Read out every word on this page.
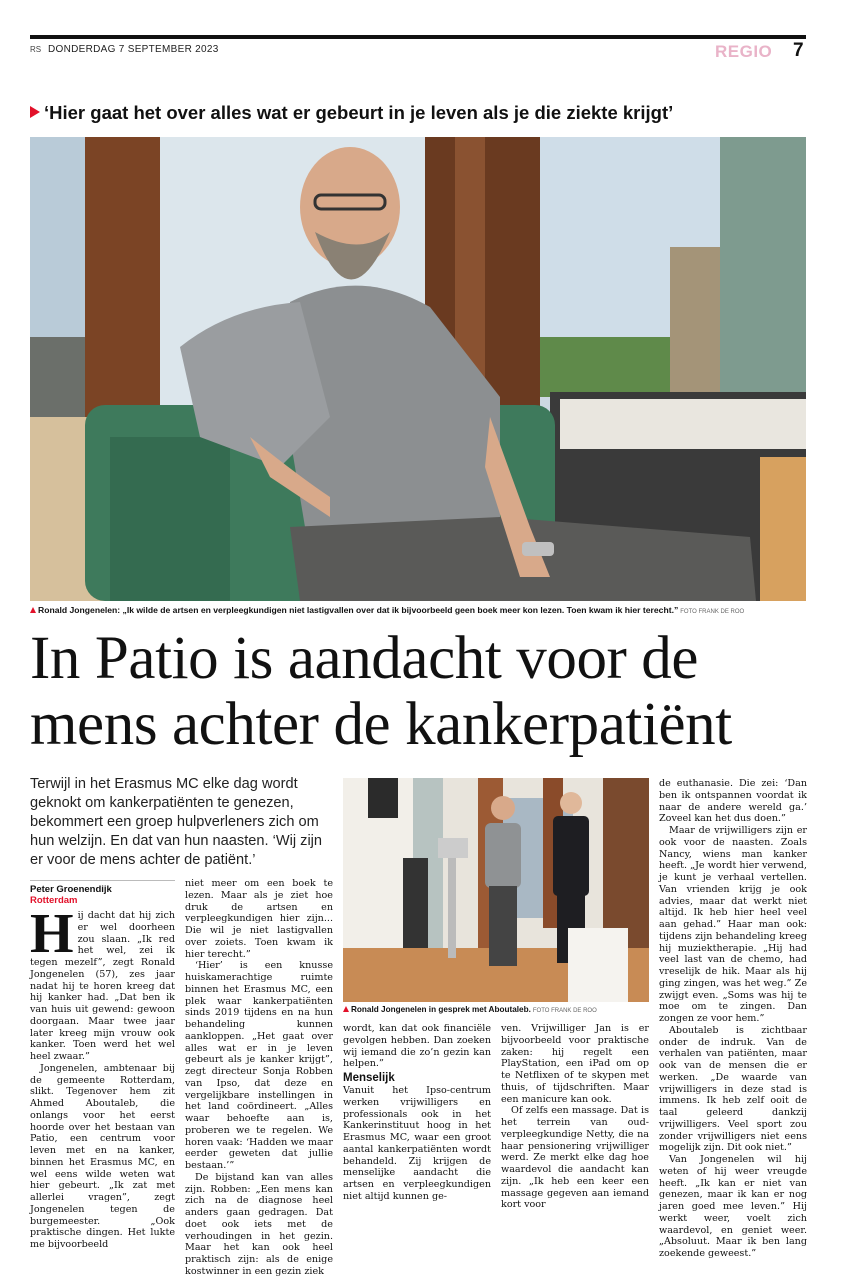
RS DONDERDAG 7 SEPTEMBER 2023	REGIO 7
‘Hier gaat het over alles wat er gebeurt in je leven als je die ziekte krijgt’
Ronald Jongenelen: „Ik wilde de artsen en verpleegkundigen niet lastigvallen over dat ik bijvoorbeeld geen boek meer kon lezen. Toen kwam ik hier terecht.” FOTO FRANK DE ROO
In Patio is aandacht voor de
mens achter de kankerpatiënt
Terwijl in het Erasmus MC elke dag wordt geknokt om kankerpatiënten te genezen, bekommert een groep hulpverleners zich om hun welzijn. En dat van hun naasten. ‘Wij zijn er voor de mens achter de patiënt.’
Peter Groenendijk
Rotterdam
H ij dacht dat hij zich er wel doorheen zou slaan. „Ik red het wel, zei ik tegen mezelf”, zegt Ronald Jongenelen (57), zes jaar nadat hij te horen kreeg dat hij kanker had. „Dat ben ik van huis uit gewend: gewoon doorgaan. Maar twee jaar later kreeg mijn vrouw ook kanker. Toen werd het wel heel zwaar.”

Jongenelen, ambtenaar bij de gemeente Rotterdam, slikt. Tegenover hem zit Ahmed Aboutaleb, die onlangs voor het eerst hoorde over het bestaan van Patio, een centrum voor leven met en na kanker, binnen het Erasmus MC, en wel eens wilde weten wat hier gebeurt. „Ik zat met allerlei vragen”, zegt Jongenelen tegen de burgemeester. „Ook praktische dingen. Het lukte me bijvoorbeeld

niet meer om een boek te lezen. Maar als je ziet hoe druk de artsen en verpleegkundigen hier zijn... Die wil je niet lastigvallen over zoiets. Toen kwam ik hier terecht.”

‘Hier’ is een knusse huiskamerachtige ruimte binnen het Erasmus MC, een plek waar kankerpatiënten sinds 2019 tijdens en na hun behandeling kunnen aankloppen. „Het gaat over alles wat er in je leven gebeurt als je kanker krijgt”, zegt directeur Sonja Robben van Ipso, dat deze en vergelijkbare instellingen in het land coördineert. „Alles waar behoefte aan is, proberen we te regelen. We horen vaak: ‘Hadden we maar eerder geweten dat jullie bestaan.’”

De bijstand kan van alles zijn. Robben: „Een mens kan zich na de diagnose heel anders gaan gedragen. Dat doet ook iets met de verhoudingen in het gezin. Maar het kan ook heel praktisch zijn: als de enige kostwinner in een gezin ziek

Ronald Jongenelen in gesprek met Aboutaleb. FOTO FRANK DE ROO

wordt, kan dat ook financiële gevolgen hebben. Dan zoeken wij iemand die zo’n gezin kan helpen.”

Menselijk

Vanuit het Ipso-centrum werken vrijwilligers en professionals ook in het Kankerinstituut hoog in het Erasmus MC, waar een groot aantal kankerpatiënten wordt behandeld. Zij krijgen de menselijke aandacht die artsen en verpleegkundigen niet altijd kunnen ge-

ven. Vrijwilliger Jan is er bijvoorbeeld voor praktische zaken: hij regelt een PlayStation, een iPad om op te Netflixen of te skypen met thuis, of tijdschriften. Maar een manicure kan ook.

Of zelfs een massage. Dat is het terrein van oud-verpleegkundige Netty, die na haar pensionering vrijwilliger werd. Ze merkt elke dag hoe waardevol die aandacht kan zijn. „Ik heb een keer een massage gegeven aan iemand kort voor

de euthanasie. Die zei: ‘Dan ben ik ontspannen voordat ik naar de andere wereld ga.’ Zoveel kan het dus doen.”

Maar de vrijwilligers zijn er ook voor de naasten. Zoals Nancy, wiens man kanker heeft. „Je wordt hier verwend, je kunt je verhaal vertellen. Van vrienden krijg je ook advies, maar dat werkt niet altijd. Ik heb hier heel veel aan gehad.” Haar man ook: tijdens zijn behandeling kreeg hij muziektherapie. „Hij had veel last van de chemo, had vreselijk de hik. Maar als hij ging zingen, was het weg.” Ze zwijgt even. „Soms was hij te moe om te zingen. Dan zongen ze voor hem.”

Aboutaleb is zichtbaar onder de indruk. Van de verhalen van patiënten, maar ook van de mensen die er werken. „De waarde van vrijwilligers in deze stad is immens. Ik heb zelf ooit de taal geleerd dankzij vrijwilligers. Veel sport zou zonder vrijwilligers niet eens mogelijk zijn. Dit ook niet.”

Van Jongenelen wil hij weten of hij weer vreugde heeft. „Ik kan er niet van genezen, maar ik kan er nog jaren goed mee leven.” Hij werkt weer, voelt zich waardevol, en geniet weer. „Absoluut. Maar ik ben lang zoekende geweest.”
